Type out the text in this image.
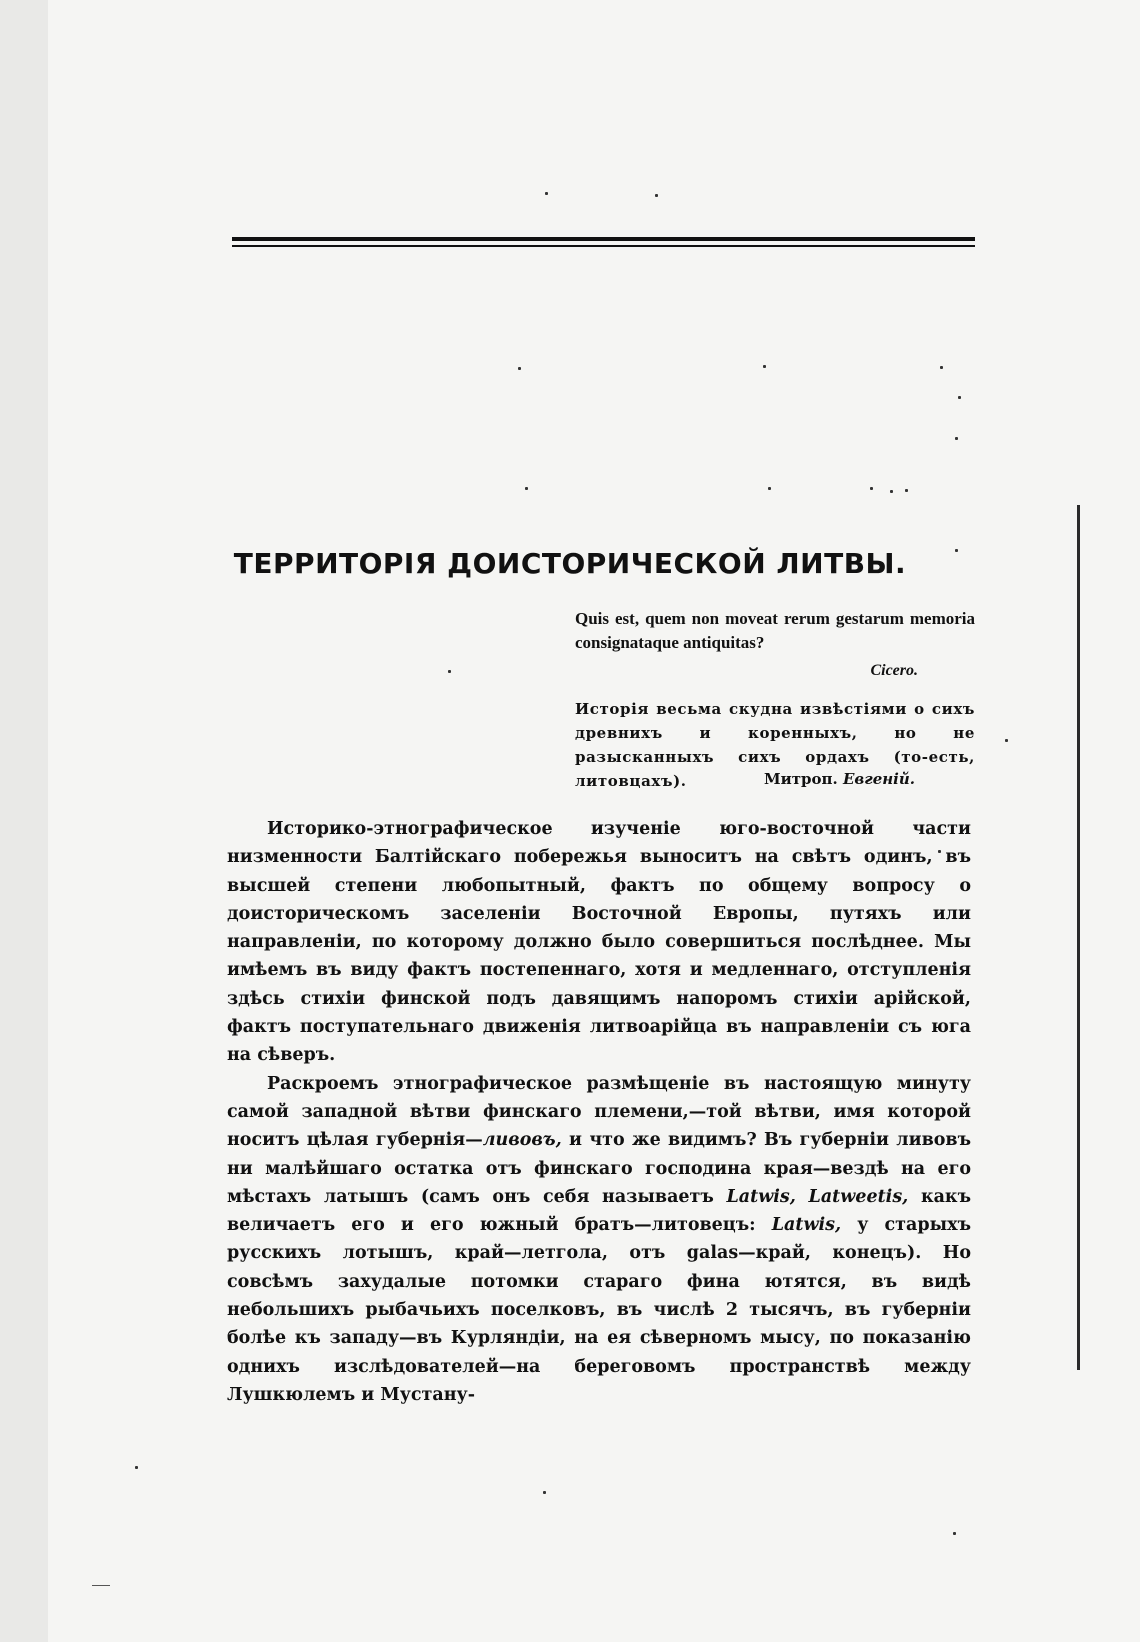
ТЕРРИТОРІЯ ДОИСТОРИЧЕСКОЙ ЛИТВЫ.

Quis est, quem non moveat rerum gestarum memoria consignataque antiquitas?

Cicero.

Исторія весьма скудна извѣстіями о сихъ древнихъ и коренныхъ, но не разысканныхъ сихъ ордахъ (то-есть, литовцахъ).	Митроп. Евгеній.

Историко-этнографическое изученіе юго-восточной части низменности Балтійскаго побережья выноситъ на свѣтъ одинъ, въ высшей степени любопытный, фактъ по общему вопросу о доисторическомъ заселеніи Восточной Европы, путяхъ или направленіи, по которому должно было совершиться послѣднее. Мы имѣемъ въ виду фактъ постепеннаго, хотя и медленнаго, отступленія здѣсь стихіи финской подъ давящимъ напоромъ стихіи арійской, фактъ поступательнаго движенія литвоарійца въ направленіи съ юга на сѣверъ.

Раскроемъ этнографическое размѣщеніе въ настоящую минуту самой западной вѣтви финскаго племени,—той вѣтви, имя которой носитъ цѣлая губернія—ливовъ, и что же видимъ? Въ губерніи ливовъ ни малѣйшаго остатка отъ финскаго господина края—вездѣ на его мѣстахъ латышъ (самъ онъ себя называетъ Latwis, Latweetis, какъ величаетъ его и его южный братъ—литовецъ: Latwis, у старыхъ русскихъ лотышъ, край—летгола, отъ galas—край, конецъ). Но совсѣмъ захудалые потомки стараго фина ютятся, въ видѣ небольшихъ рыбачьихъ поселковъ, въ числѣ 2 тысячъ, въ губерніи болѣе къ западу—въ Курляндіи, на ея сѣверномъ мысу, по показанію однихъ изслѣдователей—на береговомъ пространствѣ между Лушкюлемъ и Мустану-
